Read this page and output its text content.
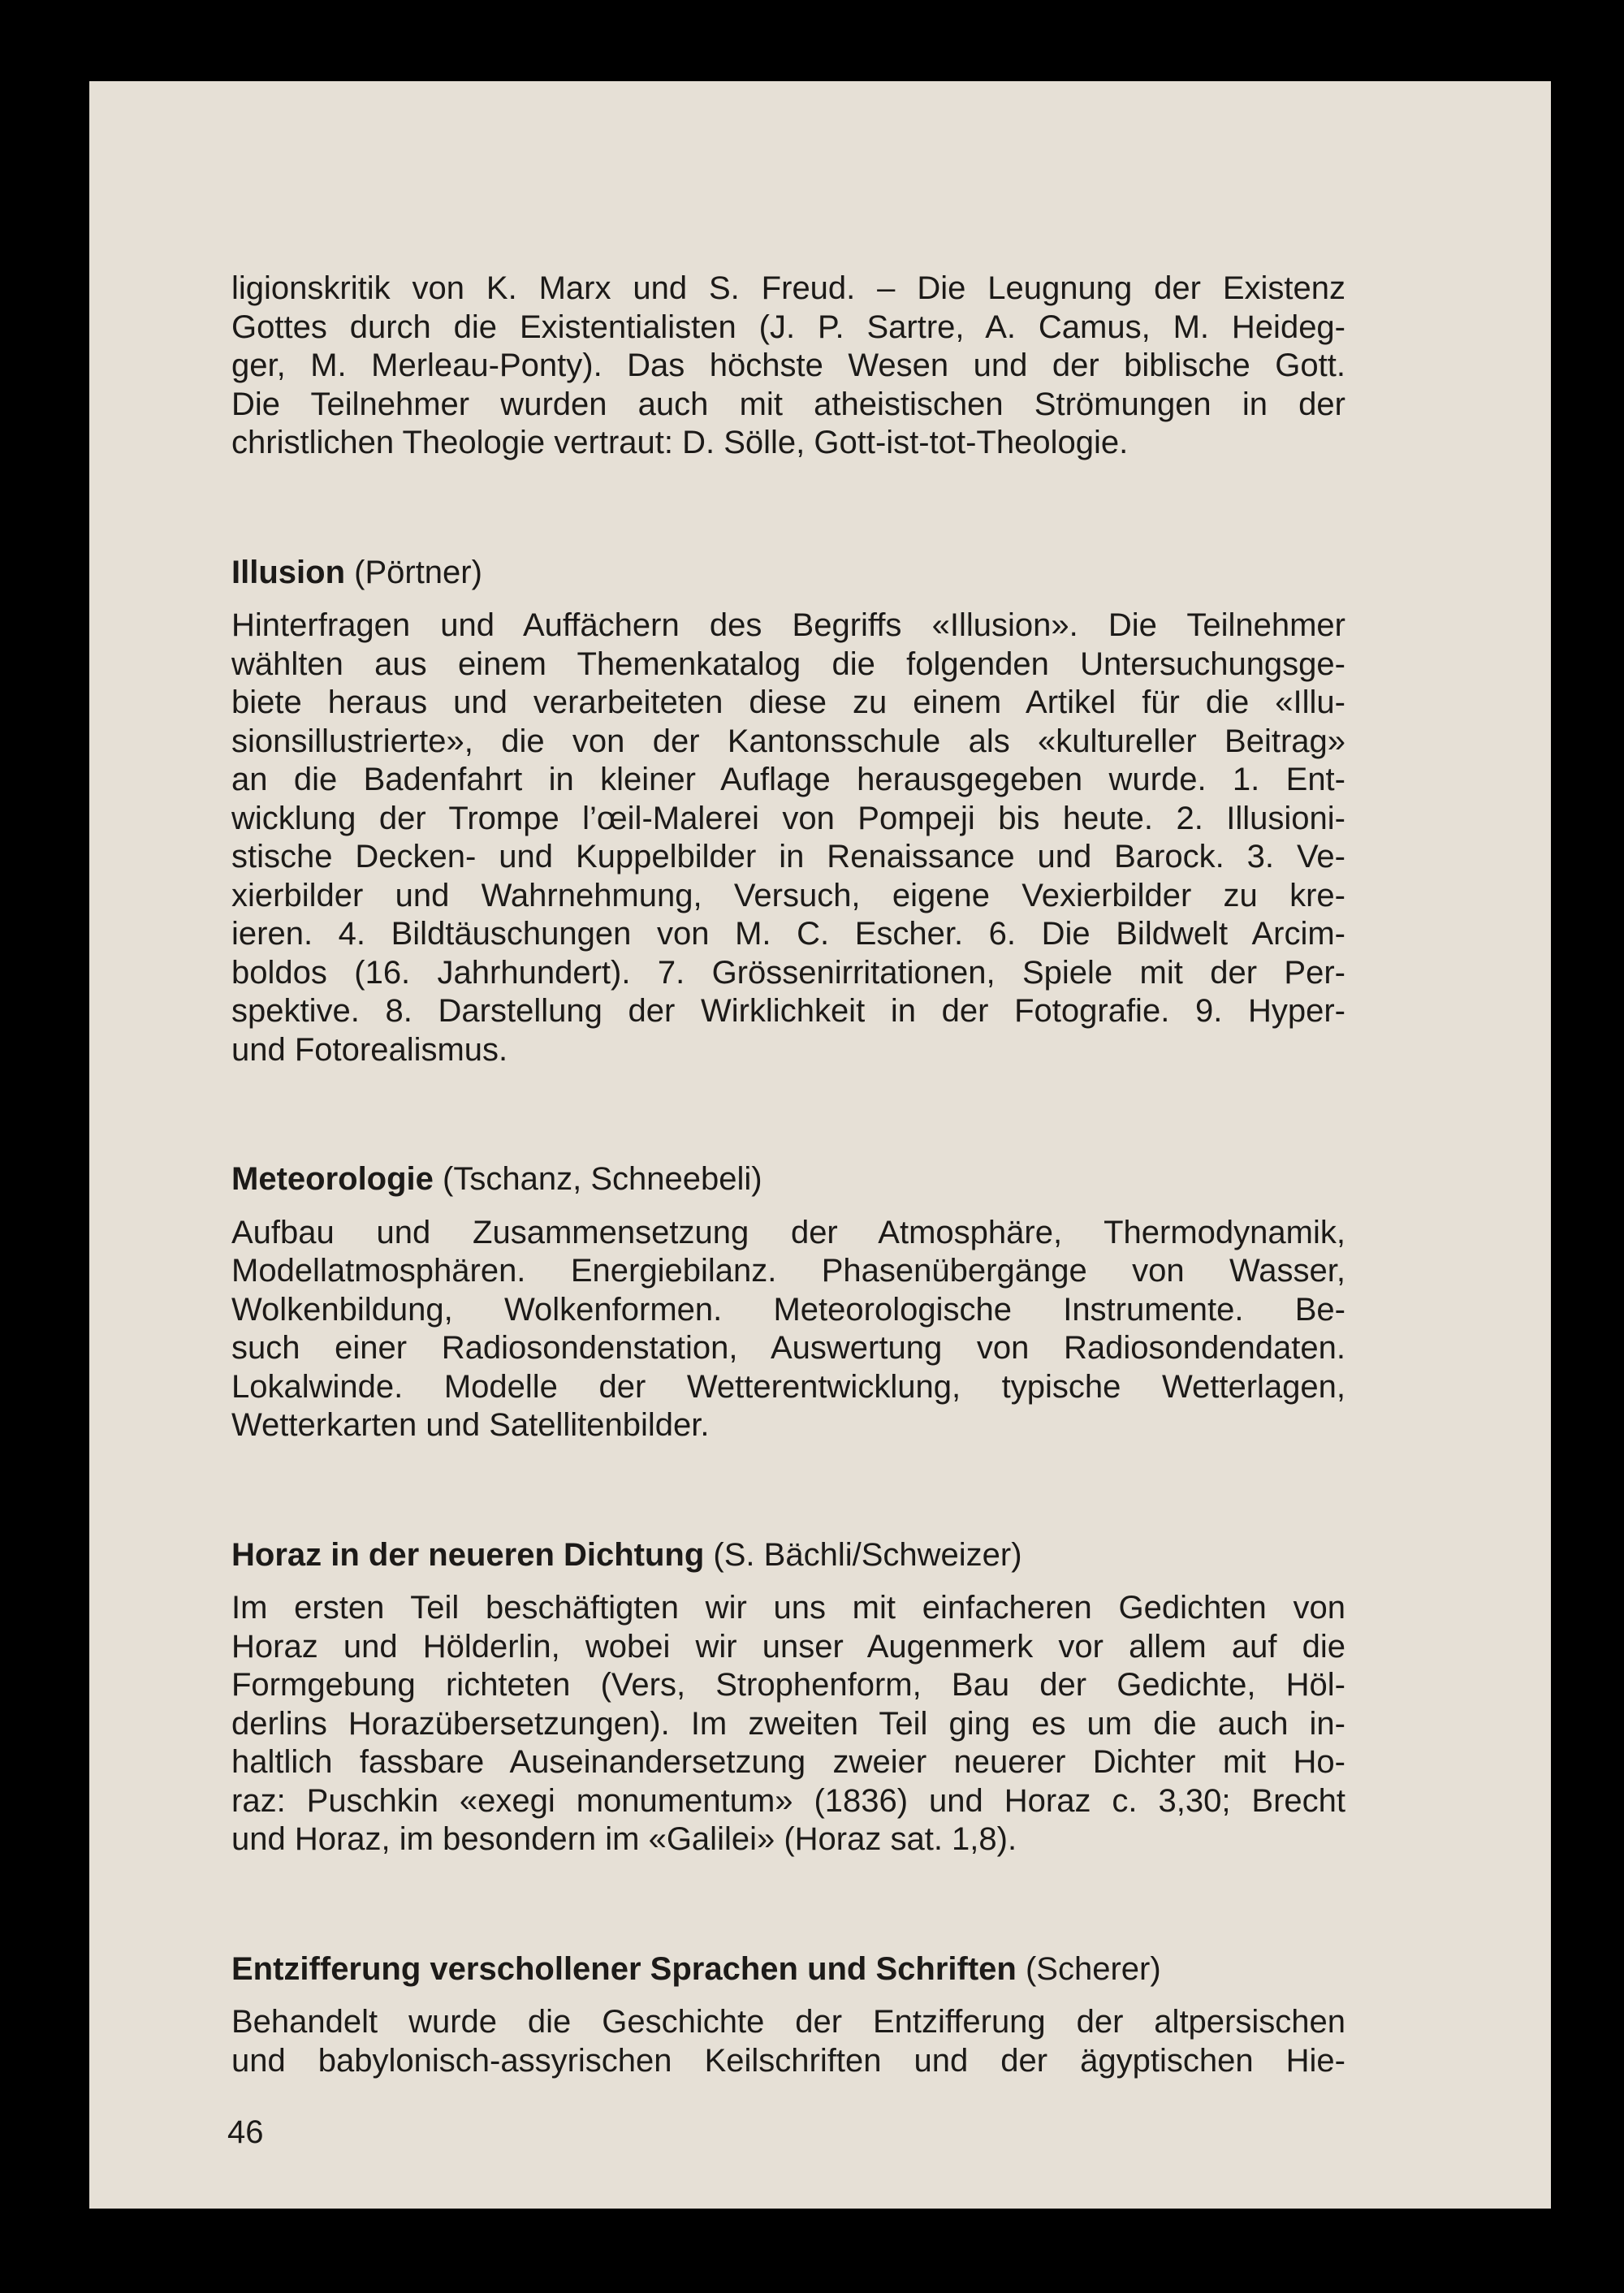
ligionskritik von K. Marx und S. Freud. – Die Leugnung der Existenz
Gottes durch die Existentialisten (J. P. Sartre, A. Camus, M. Heideg-
ger, M. Merleau-Ponty). Das höchste Wesen und der biblische Gott.
Die Teilnehmer wurden auch mit atheistischen Strömungen in der
christlichen Theologie vertraut: D. Sölle, Gott-ist-tot-Theologie.

Illusion (Pörtner)

Hinterfragen und Auffächern des Begriffs «Illusion». Die Teilnehmer
wählten aus einem Themenkatalog die folgenden Untersuchungsge-
biete heraus und verarbeiteten diese zu einem Artikel für die «Illu-
sionsillustrierte», die von der Kantonsschule als «kultureller Beitrag»
an die Badenfahrt in kleiner Auflage herausgegeben wurde. 1. Ent-
wicklung der Trompe l’œil-Malerei von Pompeji bis heute. 2. Illusioni-
stische Decken- und Kuppelbilder in Renaissance und Barock. 3. Ve-
xierbilder und Wahrnehmung, Versuch, eigene Vexierbilder zu kre-
ieren. 4. Bildtäuschungen von M. C. Escher. 6. Die Bildwelt Arcim-
boldos (16. Jahrhundert). 7. Grössenirritationen, Spiele mit der Per-
spektive. 8. Darstellung der Wirklichkeit in der Fotografie. 9. Hyper-
und Fotorealismus.

Meteorologie (Tschanz, Schneebeli)

Aufbau und Zusammensetzung der Atmosphäre, Thermodynamik,
Modellatmosphären. Energiebilanz. Phasenübergänge von Wasser,
Wolkenbildung, Wolkenformen. Meteorologische Instrumente. Be-
such einer Radiosondenstation, Auswertung von Radiosondendaten.
Lokalwinde. Modelle der Wetterentwicklung, typische Wetterlagen,
Wetterkarten und Satellitenbilder.

Horaz in der neueren Dichtung (S. Bächli/Schweizer)

Im ersten Teil beschäftigten wir uns mit einfacheren Gedichten von
Horaz und Hölderlin, wobei wir unser Augenmerk vor allem auf die
Formgebung richteten (Vers, Strophenform, Bau der Gedichte, Höl-
derlins Horazübersetzungen). Im zweiten Teil ging es um die auch in-
haltlich fassbare Auseinandersetzung zweier neuerer Dichter mit Ho-
raz: Puschkin «exegi monumentum» (1836) und Horaz c. 3,30; Brecht
und Horaz, im besondern im «Galilei» (Horaz sat. 1,8).

Entzifferung verschollener Sprachen und Schriften (Scherer)

Behandelt wurde die Geschichte der Entzifferung der altpersischen
und babylonisch-assyrischen Keilschriften und der ägyptischen Hie-
46
